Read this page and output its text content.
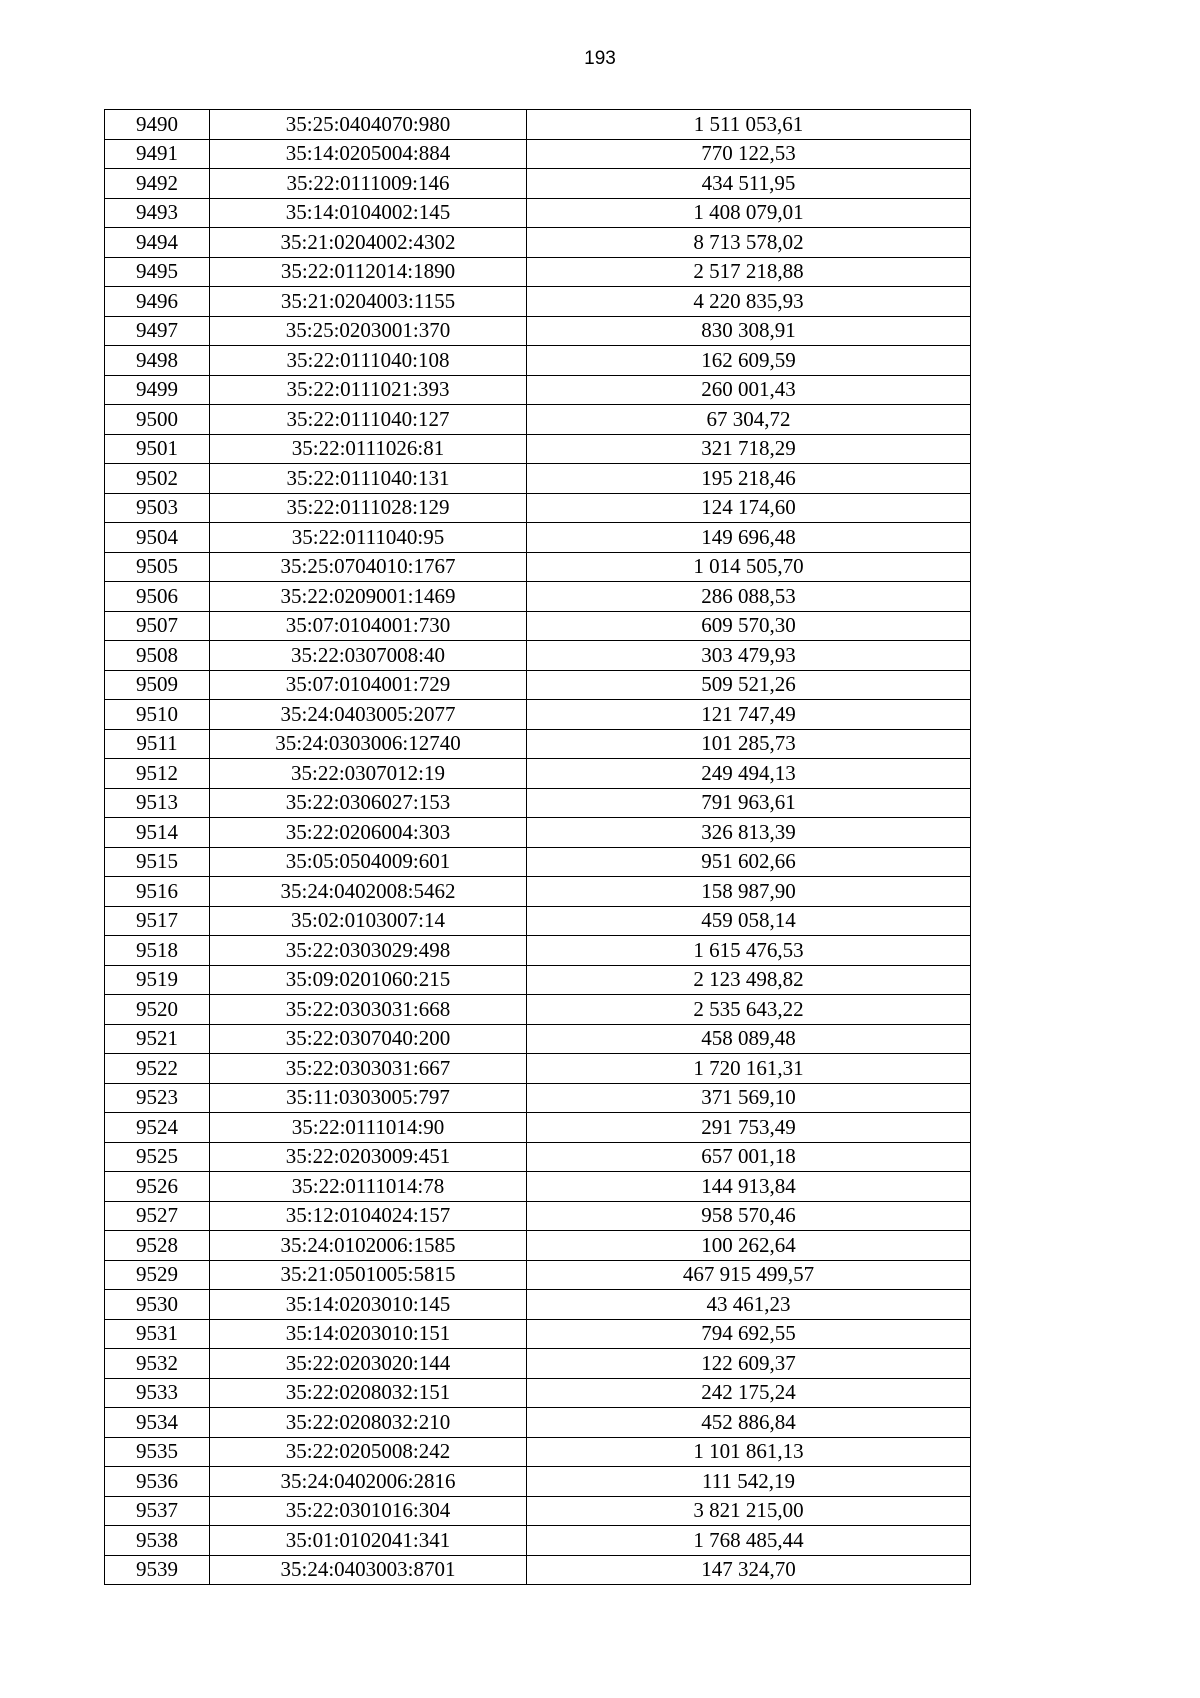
193
9490	35:25:0404070:980	1 511 053,61
9491	35:14:0205004:884	770 122,53
9492	35:22:0111009:146	434 511,95
9493	35:14:0104002:145	1 408 079,01
9494	35:21:0204002:4302	8 713 578,02
9495	35:22:0112014:1890	2 517 218,88
9496	35:21:0204003:1155	4 220 835,93
9497	35:25:0203001:370	830 308,91
9498	35:22:0111040:108	162 609,59
9499	35:22:0111021:393	260 001,43
9500	35:22:0111040:127	67 304,72
9501	35:22:0111026:81	321 718,29
9502	35:22:0111040:131	195 218,46
9503	35:22:0111028:129	124 174,60
9504	35:22:0111040:95	149 696,48
9505	35:25:0704010:1767	1 014 505,70
9506	35:22:0209001:1469	286 088,53
9507	35:07:0104001:730	609 570,30
9508	35:22:0307008:40	303 479,93
9509	35:07:0104001:729	509 521,26
9510	35:24:0403005:2077	121 747,49
9511	35:24:0303006:12740	101 285,73
9512	35:22:0307012:19	249 494,13
9513	35:22:0306027:153	791 963,61
9514	35:22:0206004:303	326 813,39
9515	35:05:0504009:601	951 602,66
9516	35:24:0402008:5462	158 987,90
9517	35:02:0103007:14	459 058,14
9518	35:22:0303029:498	1 615 476,53
9519	35:09:0201060:215	2 123 498,82
9520	35:22:0303031:668	2 535 643,22
9521	35:22:0307040:200	458 089,48
9522	35:22:0303031:667	1 720 161,31
9523	35:11:0303005:797	371 569,10
9524	35:22:0111014:90	291 753,49
9525	35:22:0203009:451	657 001,18
9526	35:22:0111014:78	144 913,84
9527	35:12:0104024:157	958 570,46
9528	35:24:0102006:1585	100 262,64
9529	35:21:0501005:5815	467 915 499,57
9530	35:14:0203010:145	43 461,23
9531	35:14:0203010:151	794 692,55
9532	35:22:0203020:144	122 609,37
9533	35:22:0208032:151	242 175,24
9534	35:22:0208032:210	452 886,84
9535	35:22:0205008:242	1 101 861,13
9536	35:24:0402006:2816	111 542,19
9537	35:22:0301016:304	3 821 215,00
9538	35:01:0102041:341	1 768 485,44
9539	35:24:0403003:8701	147 324,70
